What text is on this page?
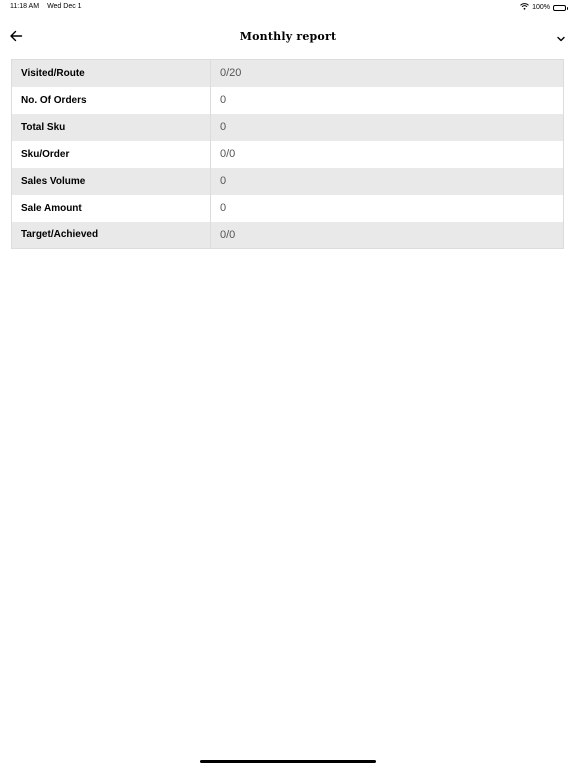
11:18 AM Wed Dec 1	100%
Monthly report
Visited/Route	0/20
No. Of Orders	0
Total Sku	0
Sku/Order	0/0
Sales Volume	0
Sale Amount	0
Target/Achieved	0/0
